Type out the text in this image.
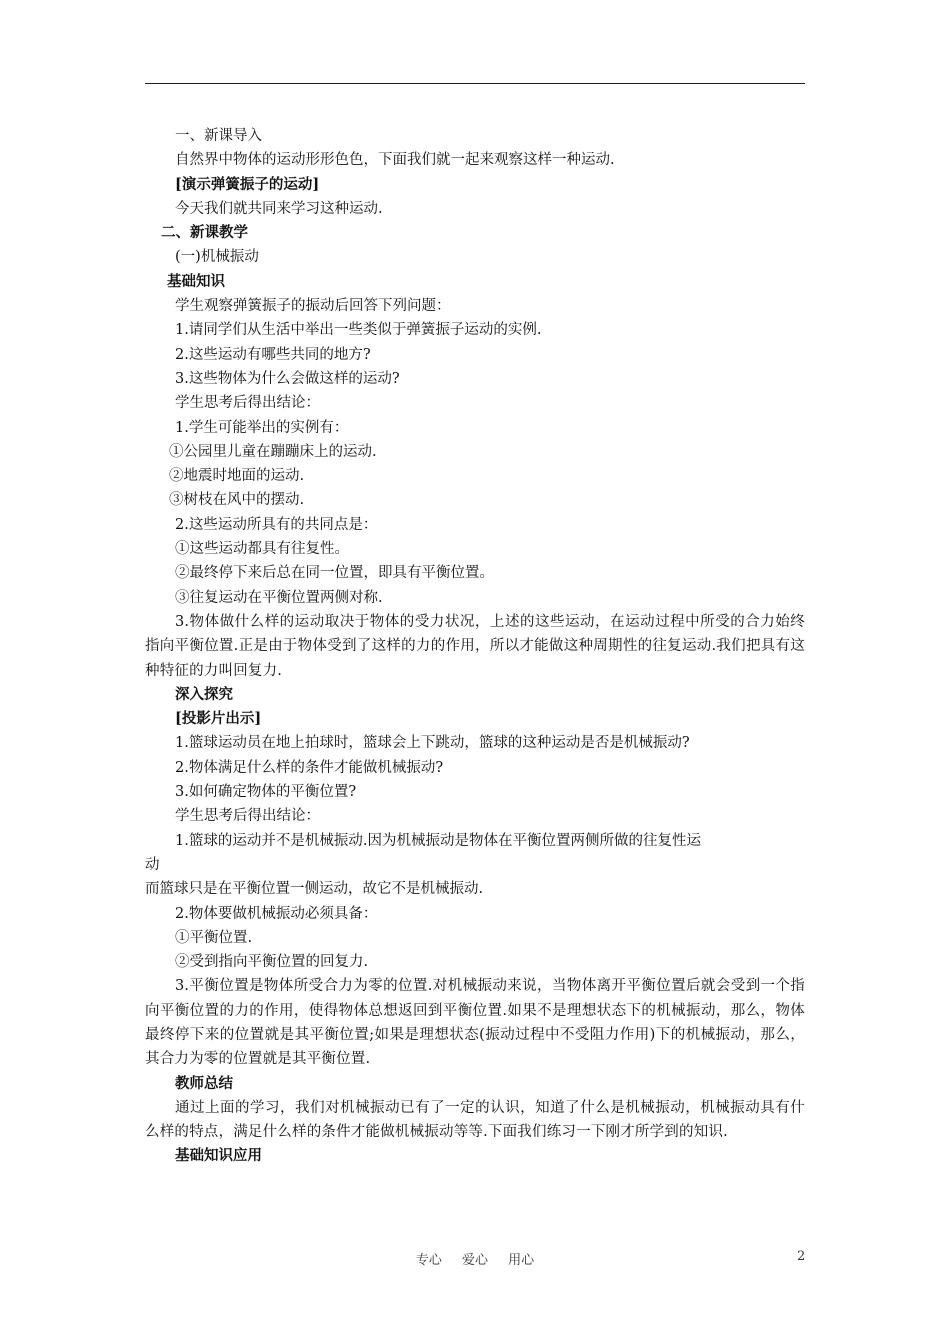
一、新课导入
自然界中物体的运动形形色色，下面我们就一起来观察这样一种运动.
[演示弹簧振子的运动]
今天我们就共同来学习这种运动.
二、新课教学
(一)机械振动
基础知识
学生观察弹簧振子的振动后回答下列问题：
1.请同学们从生活中举出一些类似于弹簧振子运动的实例.
2.这些运动有哪些共同的地方?
3.这些物体为什么会做这样的运动?
学生思考后得出结论：
1.学生可能举出的实例有：
①公园里儿童在蹦蹦床上的运动.
②地震时地面的运动.
③树枝在风中的摆动.
2.这些运动所具有的共同点是：
①这些运动都具有往复性。
②最终停下来后总在同一位置，即具有平衡位置。
③往复运动在平衡位置两侧对称.
3.物体做什么样的运动取决于物体的受力状况，上述的这些运动，在运动过程中所受的合力始终指向平衡位置.正是由于物体受到了这样的力的作用，所以才能做这种周期性的往复运动.我们把具有这种特征的力叫回复力.
深入探究
[投影片出示]
1.篮球运动员在地上拍球时，篮球会上下跳动，篮球的这种运动是否是机械振动?
2.物体满足什么样的条件才能做机械振动?
3.如何确定物体的平衡位置?
学生思考后得出结论：
1.篮球的运动并不是机械振动.因为机械振动是物体在平衡位置两侧所做的往复性运
动
而篮球只是在平衡位置一侧运动，故它不是机械振动.
2.物体要做机械振动必须具备：
①平衡位置.
②受到指向平衡位置的回复力.
3.平衡位置是物体所受合力为零的位置.对机械振动来说，当物体离开平衡位置后就会受到一个指向平衡位置的力的作用，使得物体总想返回到平衡位置.如果不是理想状态下的机械振动，那么，物体最终停下来的位置就是其平衡位置;如果是理想状态(振动过程中不受阻力作用)下的机械振动，那么，其合力为零的位置就是其平衡位置.
教师总结
通过上面的学习，我们对机械振动已有了一定的认识，知道了什么是机械振动，机械振动具有什么样的特点，满足什么样的条件才能做机械振动等等.下面我们练习一下刚才所学到的知识.
基础知识应用
专心 爱心 用心	2
